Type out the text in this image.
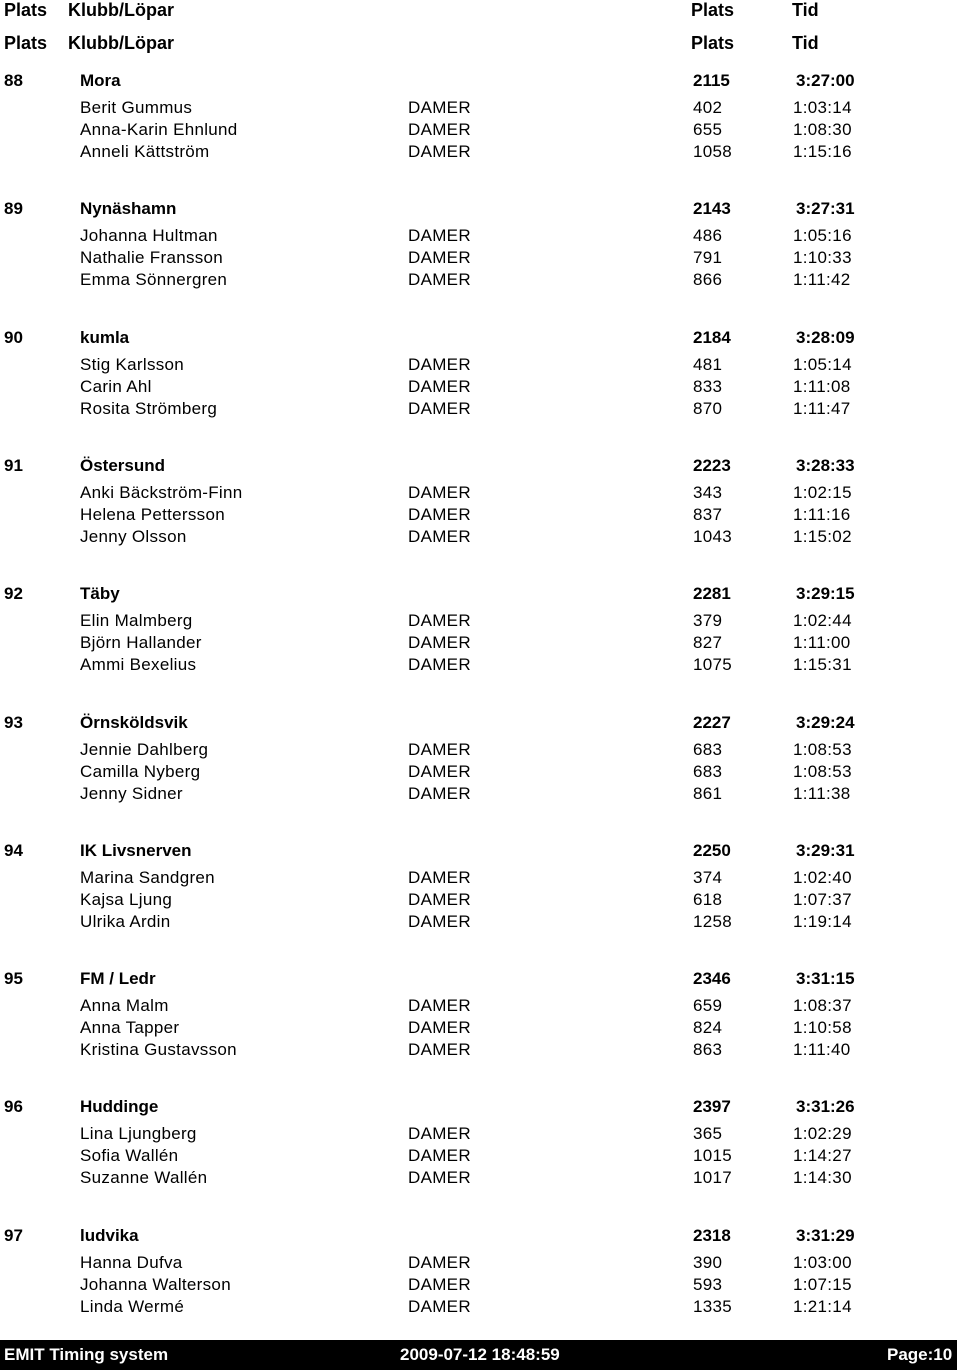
Plats Klubb/Löpar	Plats	Tid
Plats Klubb/Löpar	Plats	Tid
88	Mora	2115	3:27:00
Berit Gummus	DAMER	402	1:03:14
Anna-Karin Ehnlund	DAMER	655	1:08:30
Anneli Kättström	DAMER	1058	1:15:16
89	Nynäshamn	2143	3:27:31
Johanna Hultman	DAMER	486	1:05:16
Nathalie Fransson	DAMER	791	1:10:33
Emma Sönnergren	DAMER	866	1:11:42
90	kumla	2184	3:28:09
Stig Karlsson	DAMER	481	1:05:14
Carin Ahl	DAMER	833	1:11:08
Rosita Strömberg	DAMER	870	1:11:47
91	Östersund	2223	3:28:33
Anki Bäckström-Finn	DAMER	343	1:02:15
Helena Pettersson	DAMER	837	1:11:16
Jenny Olsson	DAMER	1043	1:15:02
92	Täby	2281	3:29:15
Elin Malmberg	DAMER	379	1:02:44
Björn Hallander	DAMER	827	1:11:00
Ammi Bexelius	DAMER	1075	1:15:31
93	Örnsköldsvik	2227	3:29:24
Jennie Dahlberg	DAMER	683	1:08:53
Camilla Nyberg	DAMER	683	1:08:53
Jenny Sidner	DAMER	861	1:11:38
94	IK Livsnerven	2250	3:29:31
Marina Sandgren	DAMER	374	1:02:40
Kajsa Ljung	DAMER	618	1:07:37
Ulrika Ardin	DAMER	1258	1:19:14
95	FM / Ledr	2346	3:31:15
Anna Malm	DAMER	659	1:08:37
Anna Tapper	DAMER	824	1:10:58
Kristina Gustavsson	DAMER	863	1:11:40
96	Huddinge	2397	3:31:26
Lina Ljungberg	DAMER	365	1:02:29
Sofia Wallén	DAMER	1015	1:14:27
Suzanne Wallén	DAMER	1017	1:14:30
97	ludvika	2318	3:31:29
Hanna Dufva	DAMER	390	1:03:00
Johanna Walterson	DAMER	593	1:07:15
Linda Wermé	DAMER	1335	1:21:14
EMIT Timing system	2009-07-12 18:48:59	Page:10
